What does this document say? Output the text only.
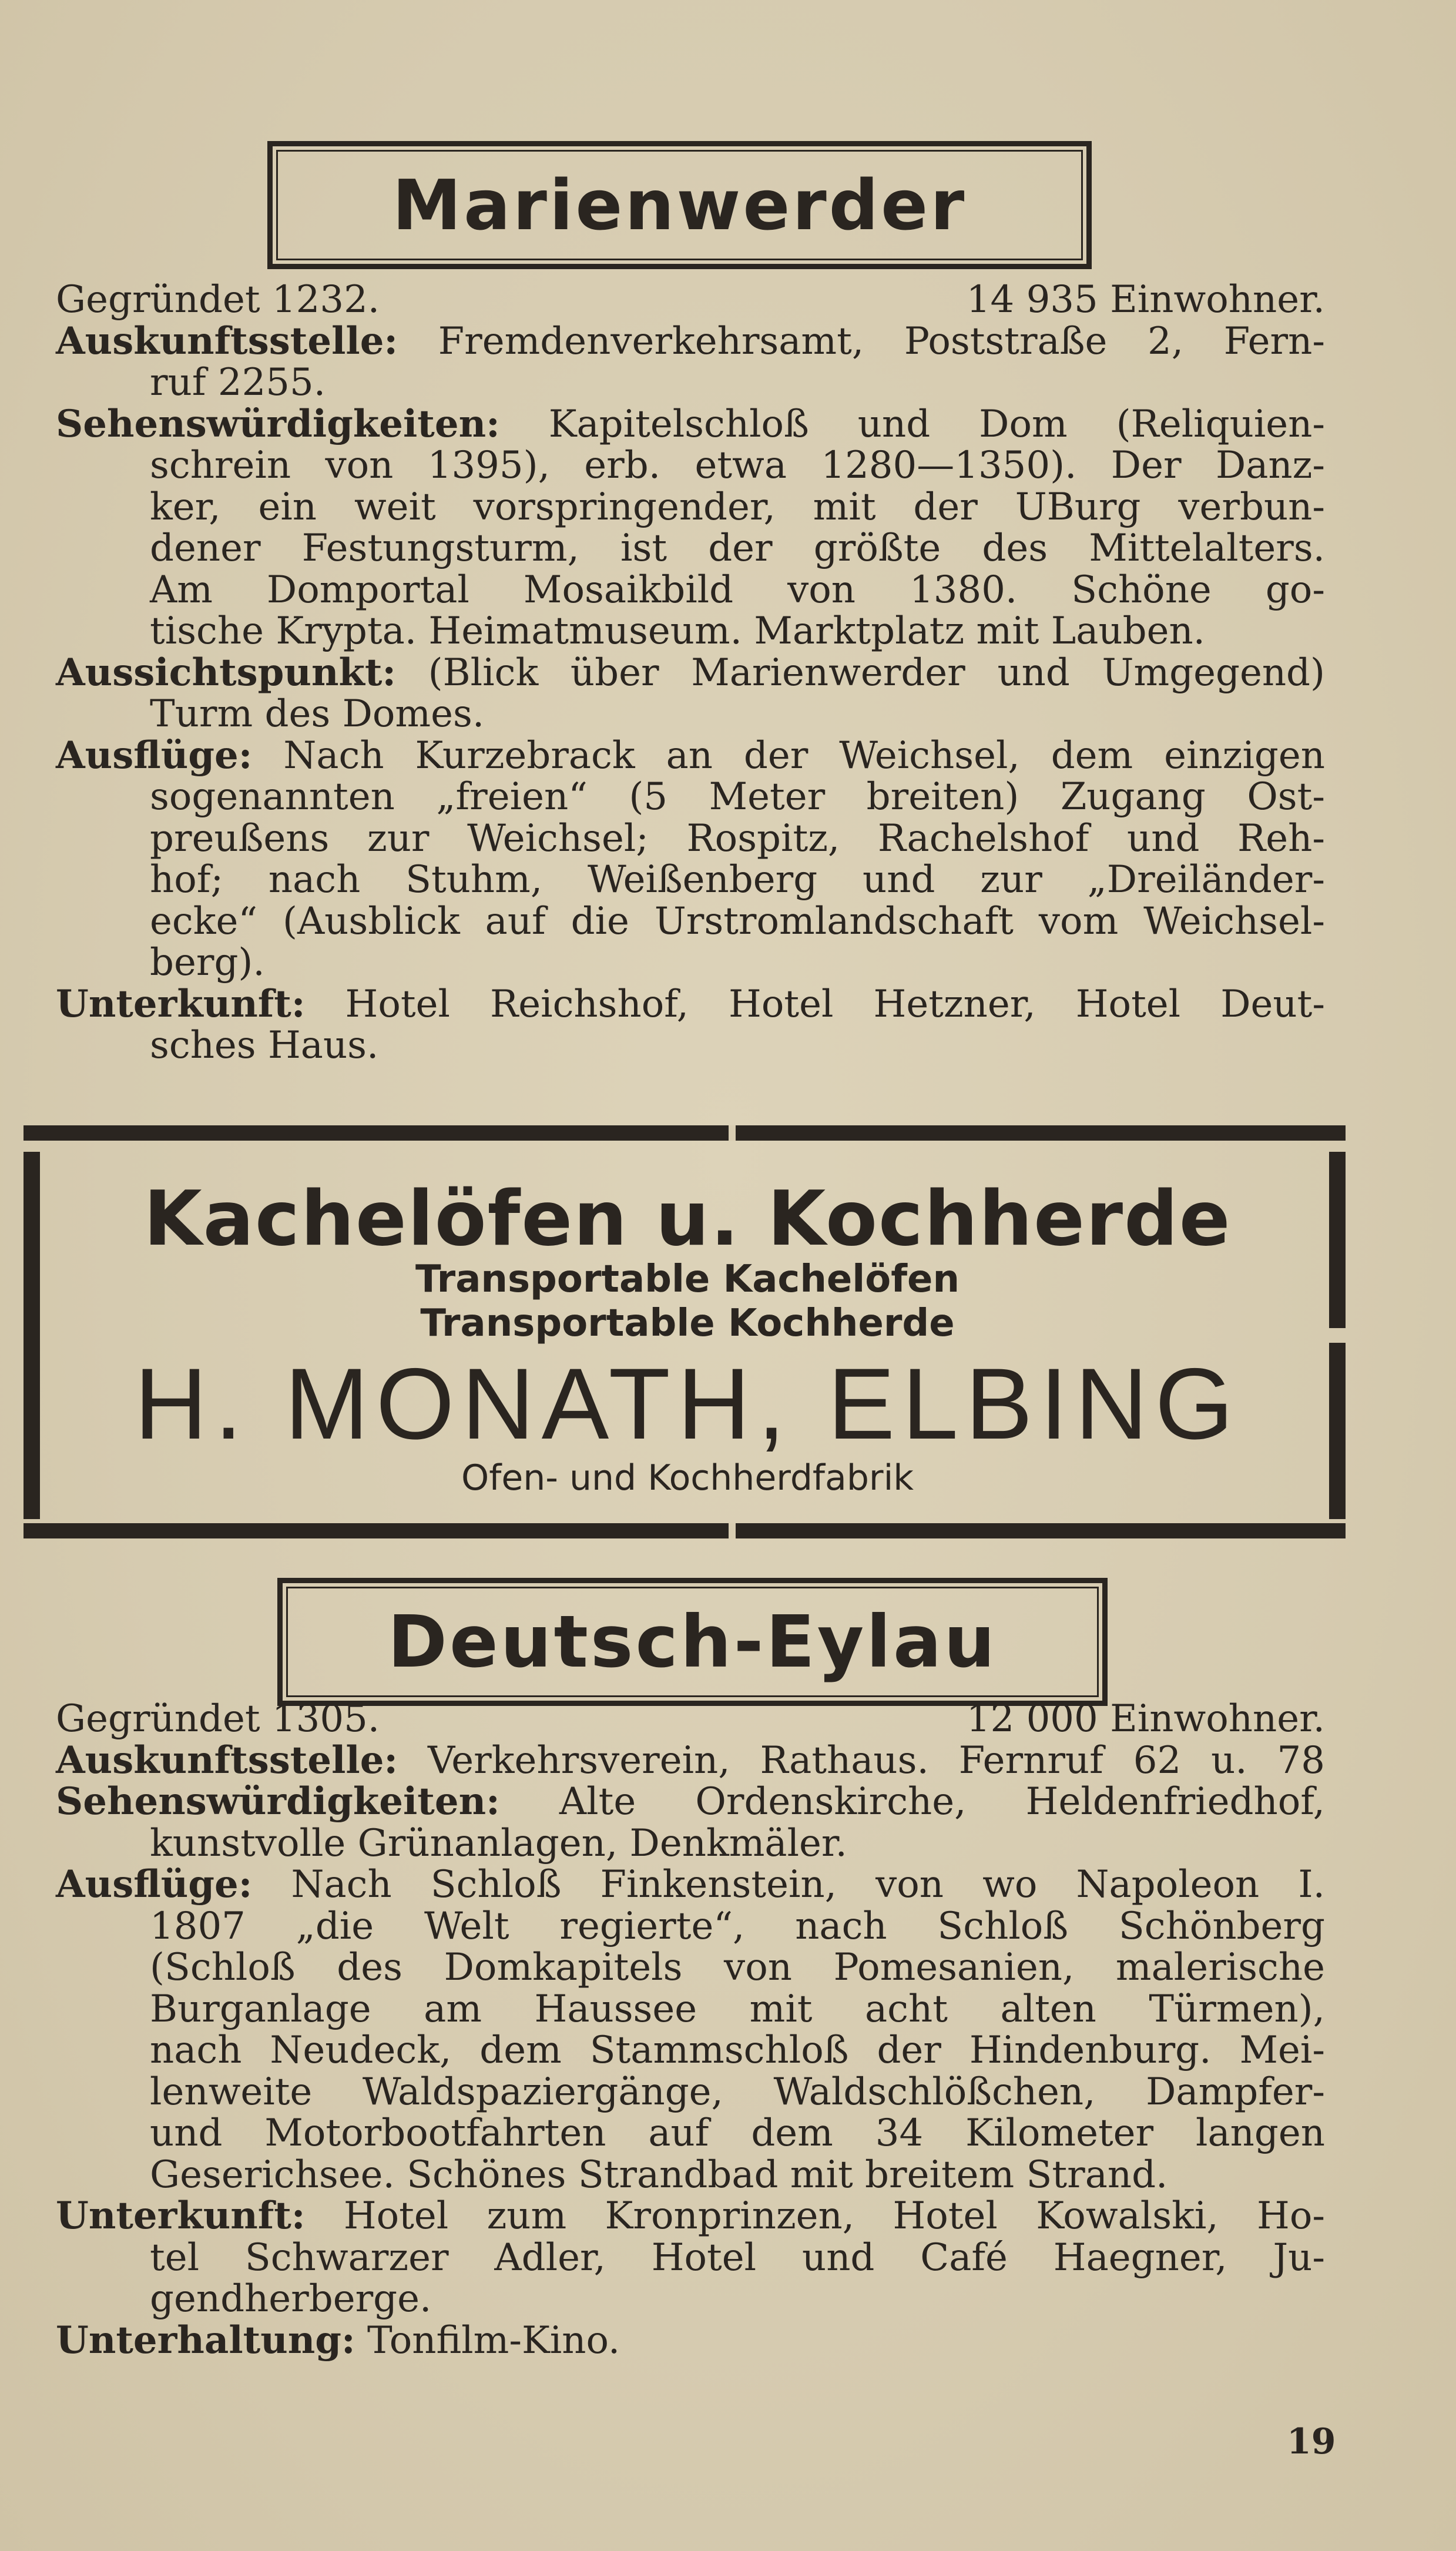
Marienwerder
Gegründet 1232.	14 935 Einwohner.
Auskunftsstelle: Fremdenverkehrsamt, Poststraße 2, Fern-
ruf 2255.
Sehenswürdigkeiten: Kapitelschloß und Dom (Reliquien-
schrein von 1395), erb. etwa 1280—1350). Der Danz-
ker, ein weit vorspringender, mit der UBurg verbun-
dener Festungsturm, ist der größte des Mittelalters.
Am Domportal Mosaikbild von 1380. Schöne go-
tische Krypta. Heimatmuseum. Marktplatz mit Lauben.
Aussichtspunkt: (Blick über Marienwerder und Umgegend)
Turm des Domes.
Ausflüge: Nach Kurzebrack an der Weichsel, dem einzigen
sogenannten „freien“ (5 Meter breiten) Zugang Ost-
preußens zur Weichsel; Rospitz, Rachelshof und Reh-
hof; nach Stuhm, Weißenberg und zur „Dreiländer-
ecke“ (Ausblick auf die Urstromlandschaft vom Weichsel-
berg).
Unterkunft: Hotel Reichshof, Hotel Hetzner, Hotel Deut-
sches Haus.
Kachelöfen u. Kochherde
Transportable Kachelöfen
Transportable Kochherde
H. MONATH, ELBING
Ofen- und Kochherdfabrik
Deutsch-Eylau
Gegründet 1305.	12 000 Einwohner.
Auskunftsstelle: Verkehrsverein, Rathaus. Fernruf 62 u. 78
Sehenswürdigkeiten: Alte Ordenskirche, Heldenfriedhof,
kunstvolle Grünanlagen, Denkmäler.
Ausflüge: Nach Schloß Finkenstein, von wo Napoleon I.
1807 „die Welt regierte“, nach Schloß Schönberg
(Schloß des Domkapitels von Pomesanien, malerische
Burganlage am Haussee mit acht alten Türmen),
nach Neudeck, dem Stammschloß der Hindenburg. Mei-
lenweite Waldspaziergänge, Waldschlößchen, Dampfer-
und Motorbootfahrten auf dem 34 Kilometer langen
Geserichsee. Schönes Strandbad mit breitem Strand.
Unterkunft: Hotel zum Kronprinzen, Hotel Kowalski, Ho-
tel Schwarzer Adler, Hotel und Café Haegner, Ju-
gendherberge.
Unterhaltung: Tonfilm-Kino.
19
